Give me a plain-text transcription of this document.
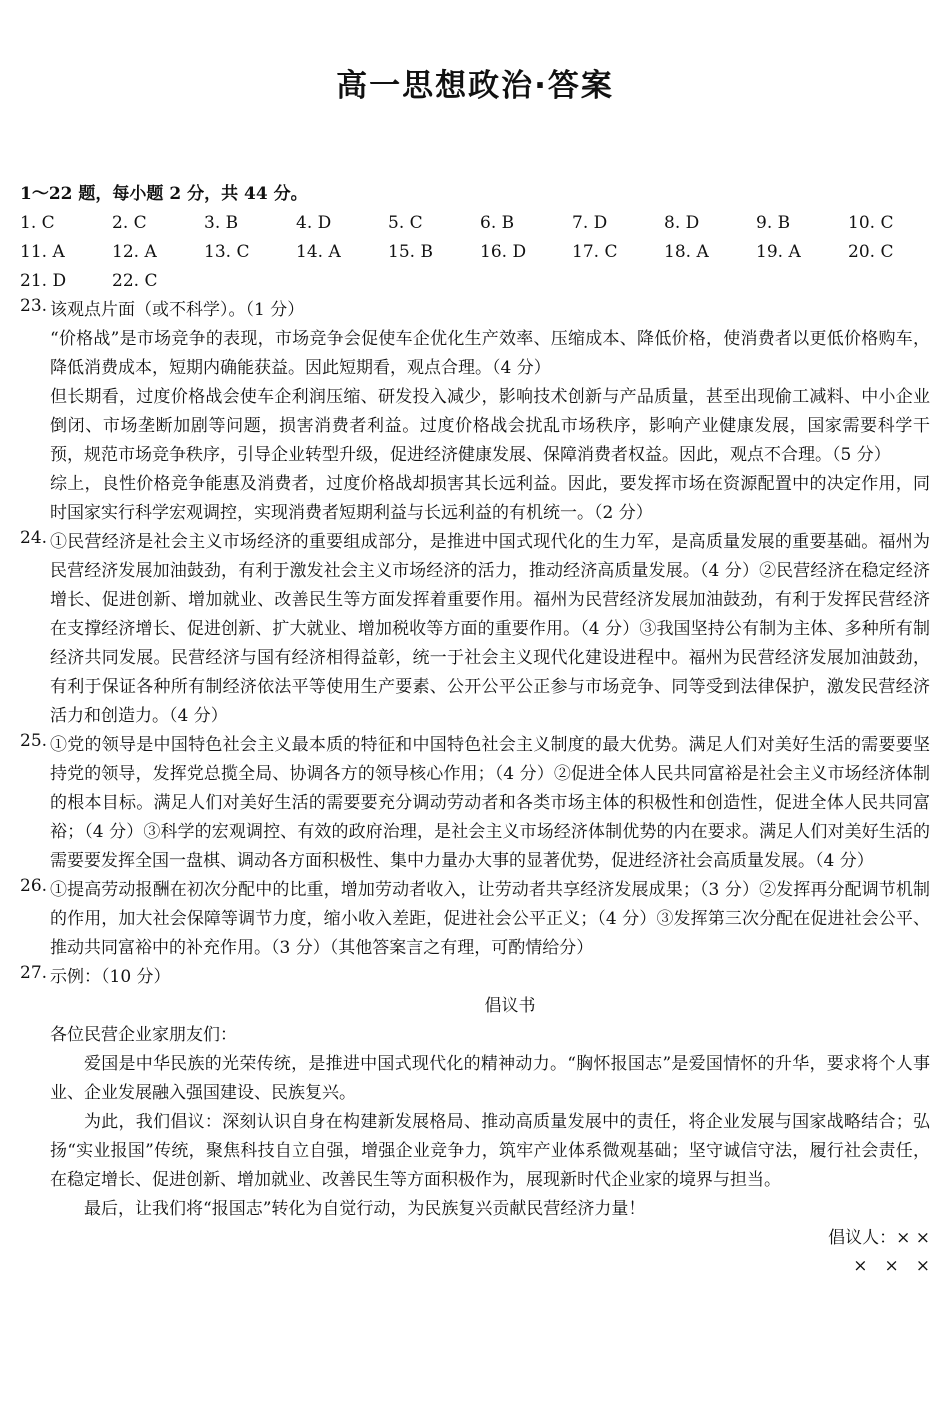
高一思想政治·答案
1～22 题，每小题 2 分，共 44 分。
1. C	2. C	3. B	4. D	5. C	6. B	7. D	8. D	9. B	10. C
11. A	12. A	13. C	14. A	15. B	16. D	17. C	18. A	19. A	20. C
21. D	22. C
23. 该观点片面（或不科学）。（1 分）

“价格战”是市场竞争的表现，市场竞争会促使车企优化生产效率、压缩成本、降低价格，使消费者以更低价格购车，降低消费成本，短期内确能获益。因此短期看，观点合理。（4 分）

但长期看，过度价格战会使车企利润压缩、研发投入减少，影响技术创新与产品质量，甚至出现偷工减料、中小企业倒闭、市场垄断加剧等问题，损害消费者利益。过度价格战会扰乱市场秩序，影响产业健康发展，国家需要科学干预，规范市场竞争秩序，引导企业转型升级，促进经济健康发展、保障消费者权益。因此，观点不合理。（5 分）

综上，良性价格竞争能惠及消费者，过度价格战却损害其长远利益。因此，要发挥市场在资源配置中的决定作用，同时国家实行科学宏观调控，实现消费者短期利益与长远利益的有机统一。（2 分）

24. ①民营经济是社会主义市场经济的重要组成部分，是推进中国式现代化的生力军，是高质量发展的重要基础。福州为民营经济发展加油鼓劲，有利于激发社会主义市场经济的活力，推动经济高质量发展。（4 分）②民营经济在稳定经济增长、促进创新、增加就业、改善民生等方面发挥着重要作用。福州为民营经济发展加油鼓劲，有利于发挥民营经济在支撑经济增长、促进创新、扩大就业、增加税收等方面的重要作用。（4 分）③我国坚持公有制为主体、多种所有制经济共同发展。民营经济与国有经济相得益彰，统一于社会主义现代化建设进程中。福州为民营经济发展加油鼓劲，有利于保证各种所有制经济依法平等使用生产要素、公开公平公正参与市场竞争、同等受到法律保护，激发民营经济活力和创造力。（4 分）

25. ①党的领导是中国特色社会主义最本质的特征和中国特色社会主义制度的最大优势。满足人们对美好生活的需要要坚持党的领导，发挥党总揽全局、协调各方的领导核心作用；（4 分）②促进全体人民共同富裕是社会主义市场经济体制的根本目标。满足人们对美好生活的需要要充分调动劳动者和各类市场主体的积极性和创造性，促进全体人民共同富裕；（4 分）③科学的宏观调控、有效的政府治理，是社会主义市场经济体制优势的内在要求。满足人们对美好生活的需要要发挥全国一盘棋、调动各方面积极性、集中力量办大事的显著优势，促进经济社会高质量发展。（4 分）

26. ①提高劳动报酬在初次分配中的比重，增加劳动者收入，让劳动者共享经济发展成果；（3 分）②发挥再分配调节机制的作用，加大社会保障等调节力度，缩小收入差距，促进社会公平正义；（4 分）③发挥第三次分配在促进社会公平、推动共同富裕中的补充作用。（3 分）（其他答案言之有理，可酌情给分）

27. 示例：（10 分）

倡议书

各位民营企业家朋友们：

爱国是中华民族的光荣传统，是推进中国式现代化的精神动力。“胸怀报国志”是爱国情怀的升华，要求将个人事业、企业发展融入强国建设、民族复兴。

为此，我们倡议：深刻认识自身在构建新发展格局、推动高质量发展中的责任，将企业发展与国家战略结合；弘扬“实业报国”传统，聚焦科技自立自强，增强企业竞争力，筑牢产业体系微观基础；坚守诚信守法，履行社会责任，在稳定增长、促进创新、增加就业、改善民生等方面积极作为，展现新时代企业家的境界与担当。

最后，让我们将“报国志”转化为自觉行动，为民族复兴贡献民营经济力量！

倡议人：× ×
×　×　×
